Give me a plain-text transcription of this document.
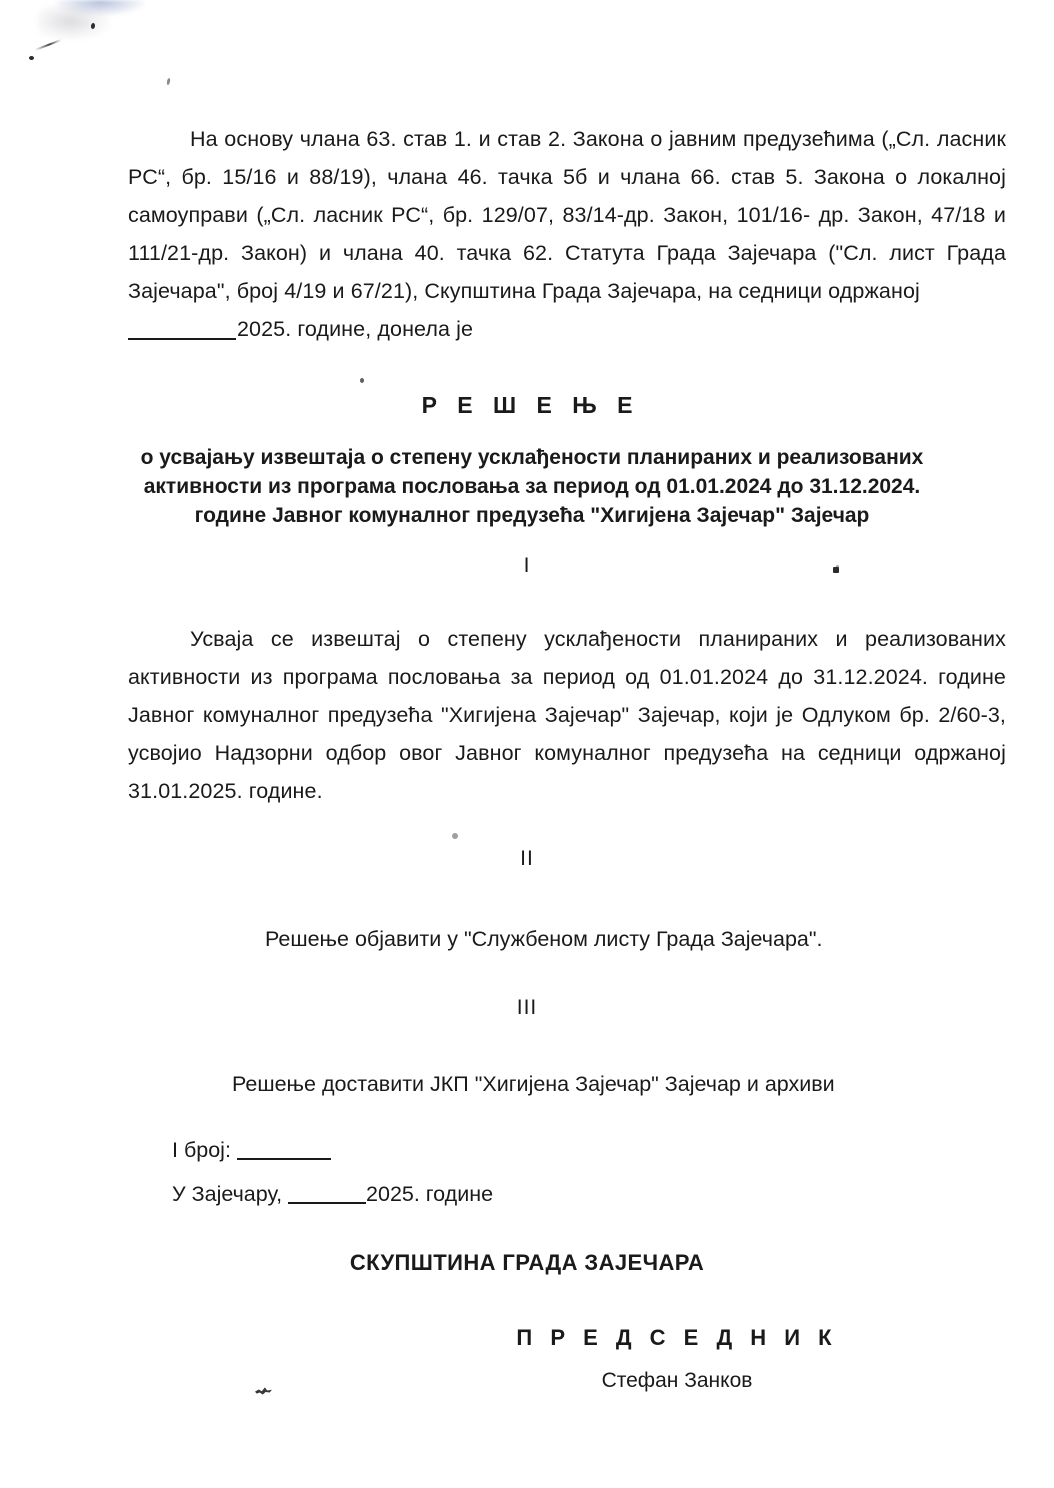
На основу члана 63. став 1. и став 2. Закона о јавним предузећима („Сл. ласник РС“, бр. 15/16 и 88/19), члана 46. тачка 5б и члана 66. став 5. Закона о локалној самоуправи („Сл. ласник РС“, бр. 129/07, 83/14-др. Закон, 101/16- др. Закон, 47/18 и 111/21-др. Закон) и члана 40. тачка 62. Статута Града Зајечара ("Сл. лист Града Зајечара", број 4/19 и 67/21), Скупштина Града Зајечара, на седници одржаној
2025. године, донела је
Р Е Ш Е Њ Е
о усвајању извештаја о степену усклађености планираних и реализованих активности из програма пословања за период од 01.01.2024 до 31.12.2024. године Јавног комуналног предузећа "Хигијена Зајечар" Зајечар
I
Усваја се извештај о степену усклађености планираних и реализованих активности из програма пословања за период од 01.01.2024 до 31.12.2024. године Јавног комуналног предузећа "Хигијена Зајечар" Зајечар, који је Одлуком бр. 2/60-3, усвојио Надзорни одбор овог Јавног комуналног предузећа на седници одржаној 31.01.2025. године.
II
Решење објавити у "Службеном листу Града Зајечара".
III
Решење доставити ЈКП "Хигијена Зајечар" Зајечар и архиви
I број:
У Зајечару,	2025. године
СКУПШТИНА ГРАДА ЗАЈЕЧАРА
П Р Е Д С Е Д Н И К
Стефан Занков
